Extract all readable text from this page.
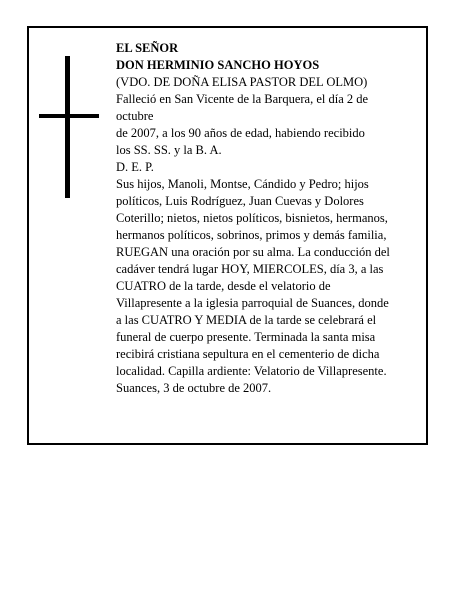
EL SEÑOR
DON HERMINIO SANCHO HOYOS
(VDO. DE DOÑA ELISA PASTOR DEL OLMO)
Falleció en San Vicente de la Barquera, el día 2 de
octubre
de 2007, a los 90 años de edad, habiendo recibido
los SS. SS. y la B. A.
D. E. P.
Sus hijos, Manoli, Montse, Cándido y Pedro; hijos
políticos, Luis Rodríguez, Juan Cuevas y Dolores
Coterillo; nietos, nietos políticos, bisnietos, hermanos,
hermanos políticos, sobrinos, primos y demás familia,
RUEGAN una oración por su alma. La conducción del
cadáver tendrá lugar HOY, MIERCOLES, día 3, a las
CUATRO de la tarde, desde el velatorio de
Villapresente a la iglesia parroquial de Suances, donde
a las CUATRO Y MEDIA de la tarde se celebrará el
funeral de cuerpo presente. Terminada la santa misa
recibirá cristiana sepultura en el cementerio de dicha
localidad. Capilla ardiente: Velatorio de Villapresente.
Suances, 3 de octubre de 2007.
